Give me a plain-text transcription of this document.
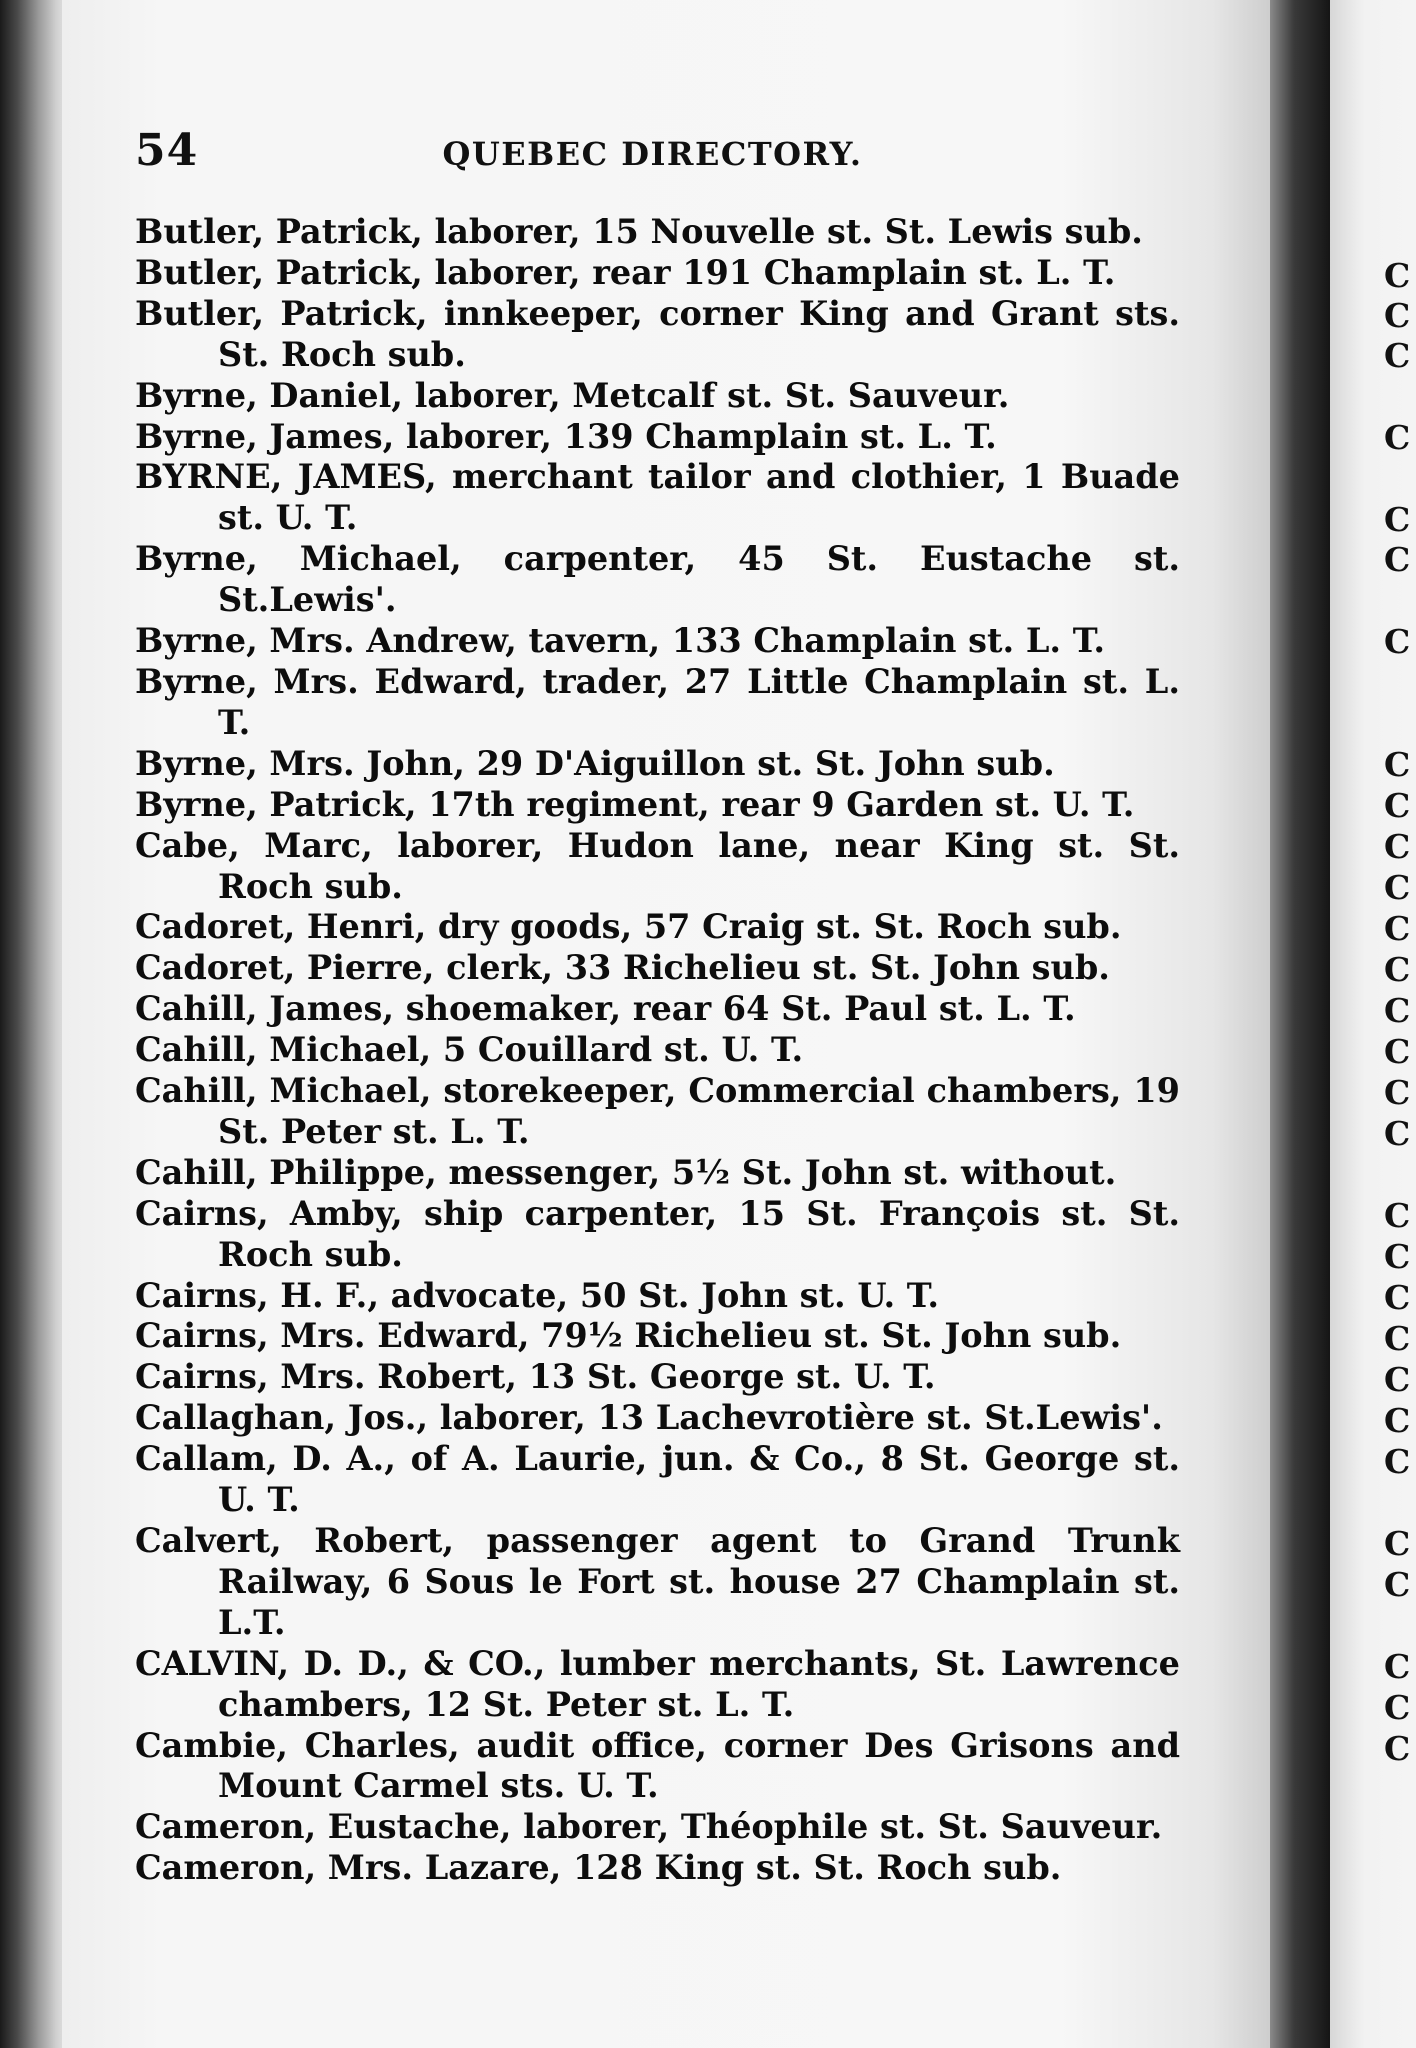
C
C
C
C
C
C
C
C
C
C
C
C
C
C
C
C
C
C
C
C
C
C
C
C
C
C
C
C
C
54	QUEBEC DIRECTORY.
Butler, Patrick, laborer, 15 Nouvelle st. St. Lewis sub.
Butler, Patrick, laborer, rear 191 Champlain st. L. T.
Butler, Patrick, innkeeper, corner King and Grant sts. St. Roch sub.
Byrne, Daniel, laborer, Metcalf st. St. Sauveur.
Byrne, James, laborer, 139 Champlain st. L. T.
BYRNE, JAMES, merchant tailor and clothier, 1 Buade st. U. T.
Byrne, Michael, carpenter, 45 St. Eustache st. St.Lewis'.
Byrne, Mrs. Andrew, tavern, 133 Champlain st. L. T.
Byrne, Mrs. Edward, trader, 27 Little Champlain st. L. T.
Byrne, Mrs. John, 29 D'Aiguillon st. St. John sub.
Byrne, Patrick, 17th regiment, rear 9 Garden st. U. T.
Cabe, Marc, laborer, Hudon lane, near King st. St. Roch sub.
Cadoret, Henri, dry goods, 57 Craig st. St. Roch sub.
Cadoret, Pierre, clerk, 33 Richelieu st. St. John sub.
Cahill, James, shoemaker, rear 64 St. Paul st. L. T.
Cahill, Michael, 5 Couillard st. U. T.
Cahill, Michael, storekeeper, Commercial chambers, 19 St. Peter st. L. T.
Cahill, Philippe, messenger, 5½ St. John st. without.
Cairns, Amby, ship carpenter, 15 St. François st. St. Roch sub.
Cairns, H. F., advocate, 50 St. John st. U. T.
Cairns, Mrs. Edward, 79½ Richelieu st. St. John sub.
Cairns, Mrs. Robert, 13 St. George st. U. T.
Callaghan, Jos., laborer, 13 Lachevrotière st. St.Lewis'.
Callam, D. A., of A. Laurie, jun. & Co., 8 St. George st. U. T.
Calvert, Robert, passenger agent to Grand Trunk Railway, 6 Sous le Fort st. house 27 Champlain st. L.T.
CALVIN, D. D., & CO., lumber merchants, St. Lawrence chambers, 12 St. Peter st. L. T.
Cambie, Charles, audit office, corner Des Grisons and Mount Carmel sts. U. T.
Cameron, Eustache, laborer, Théophile st. St. Sauveur.
Cameron, Mrs. Lazare, 128 King st. St. Roch sub.
